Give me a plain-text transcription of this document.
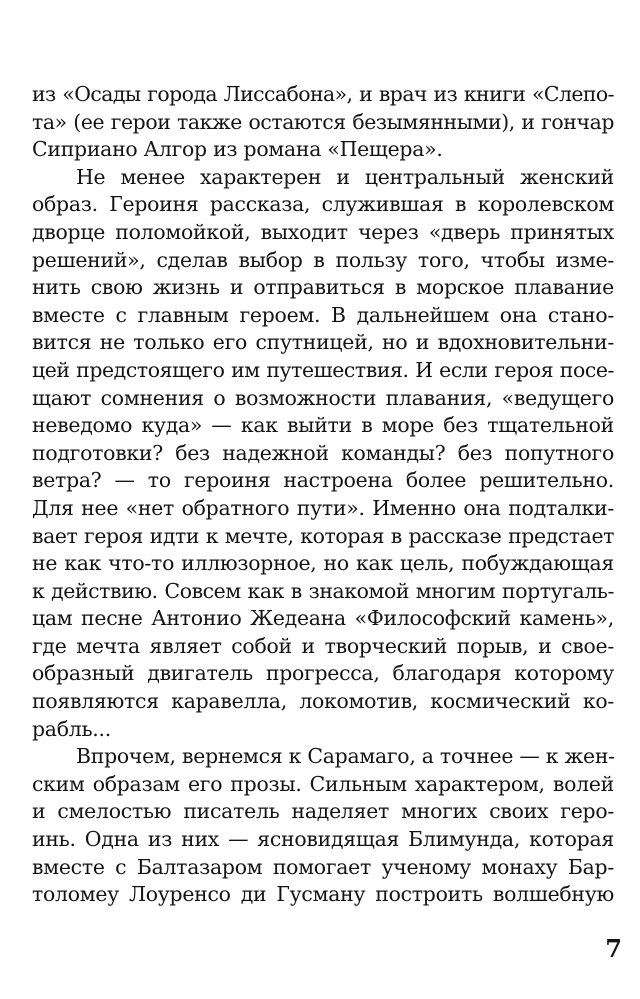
из «Осады города Лиссабона», и врач из книги «Слепо-
та» (ее герои также остаются безымянными), и гончар
Сиприано Алгор из романа «Пещера».
Не менее характерен и центральный женский
образ. Героиня рассказа, служившая в королевском
дворце поломойкой, выходит через «дверь принятых
решений», сделав выбор в пользу того, чтобы изме-
нить свою жизнь и отправиться в морское плавание
вместе с главным героем. В дальнейшем она стано-
вится не только его спутницей, но и вдохновительни-
цей предстоящего им путешествия. И если героя посе-
щают сомнения о возможности плавания, «ведущего
неведомо куда» — как выйти в море без тщательной
подготовки? без надежной команды? без попутного
ветра? — то героиня настроена более решительно.
Для нее «нет обратного пути». Именно она подталки-
вает героя идти к мечте, которая в рассказе предстает
не как что-то иллюзорное, но как цель, побуждающая
к действию. Совсем как в знакомой многим португаль-
цам песне Антонио Жедеана «Философский камень»,
где мечта являет собой и творческий порыв, и свое-
образный двигатель прогресса, благодаря которому
появляются каравелла, локомотив, космический ко-
рабль...
Впрочем, вернемся к Сарамаго, а точнее — к жен-
ским образам его прозы. Сильным характером, волей
и смелостью писатель наделяет многих своих геро-
инь. Одна из них — ясновидящая Блимунда, которая
вместе с Балтазаром помогает ученому монаху Бар-
толомеу Лоуренсо ди Гусману построить волшебную
7
